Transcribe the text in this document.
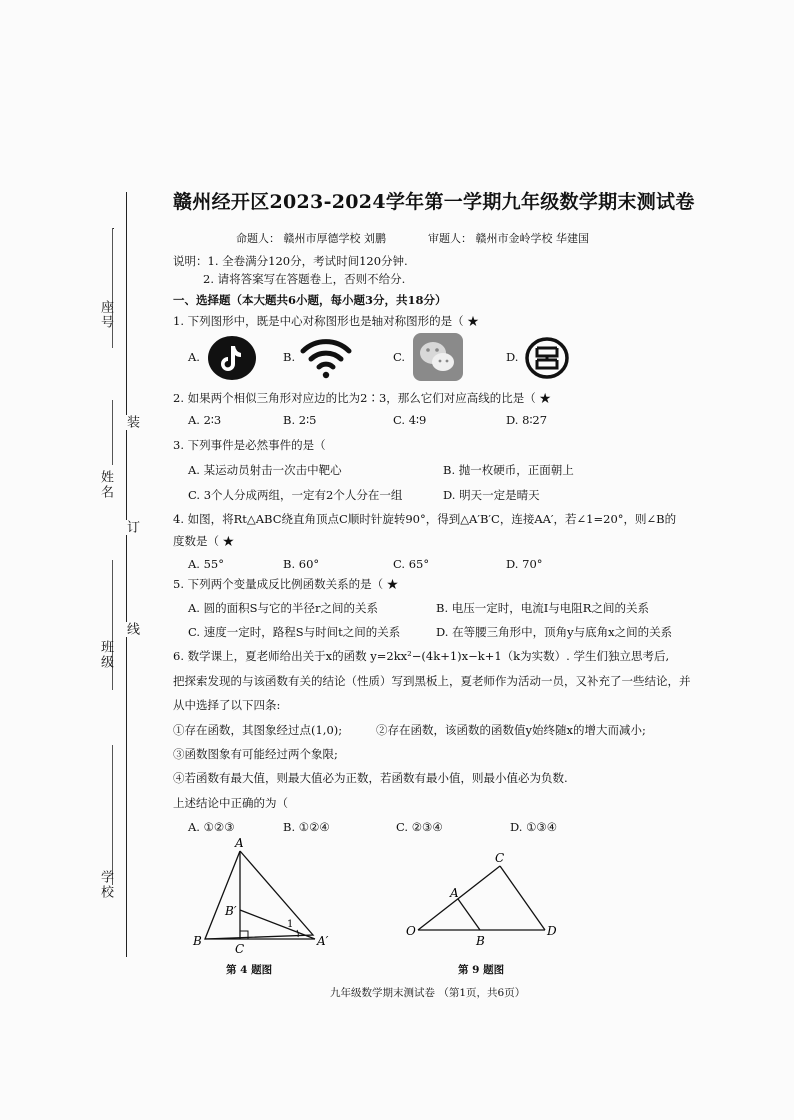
座号
姓名
班级
学校
装
订
线
赣州经开区2023-2024学年第一学期九年级数学期末测试卷
命题人： 赣州市厚德学校 刘鹏	审题人： 赣州市金岭学校 华建国
说明：1. 全卷满分120分，考试时间120分钟.
2. 请将答案写在答题卷上，否则不给分.
一、选择题（本大题共6小题，每小题3分，共18分）
1. 下列图形中，既是中心对称图形也是轴对称图形的是（ ★
A.	B.	C.	D.
2. 如果两个相似三角形对应边的比为2∶3，那么它们对应高线的比是（ ★
A. 2∶3	B. 2∶5	C. 4∶9	D. 8∶27
3. 下列事件是必然事件的是（
A. 某运动员射击一次击中靶心	B. 抛一枚硬币，正面朝上
C. 3个人分成两组，一定有2个人分在一组	D. 明天一定是晴天
4. 如图，将Rt△ABC绕直角顶点C顺时针旋转90°，得到△A′B′C，连接AA′，若∠1=20°，则∠B的
度数是（ ★
A. 55°	B. 60°	C. 65°	D. 70°
5. 下列两个变量成反比例函数关系的是（ ★
A. 圆的面积S与它的半径r之间的关系	B. 电压一定时，电流I与电阻R之间的关系
C. 速度一定时，路程S与时间t之间的关系	D. 在等腰三角形中，顶角y与底角x之间的关系
6. 数学课上，夏老师给出关于x的函数 y=2kx²−(4k+1)x−k+1（k为实数）. 学生们独立思考后,
把探索发现的与该函数有关的结论（性质）写到黑板上，夏老师作为活动一员，又补充了一些结论，并
从中选择了以下四条:
①存在函数，其图象经过点(1,0);	②存在函数，该函数的函数值y始终随x的增大而减小;
③函数图象有可能经过两个象限;
④若函数有最大值，则最大值必为正数，若函数有最小值，则最小值必为负数.
上述结论中正确的为（
A. ①②③	B. ①②④	C. ②③④	D. ①③④
A
B
C
B′
A′
1
第 4 题图
C
A
O
B
D
第 9 题图
九年级数学期末测试卷 （第1页，共6页）
